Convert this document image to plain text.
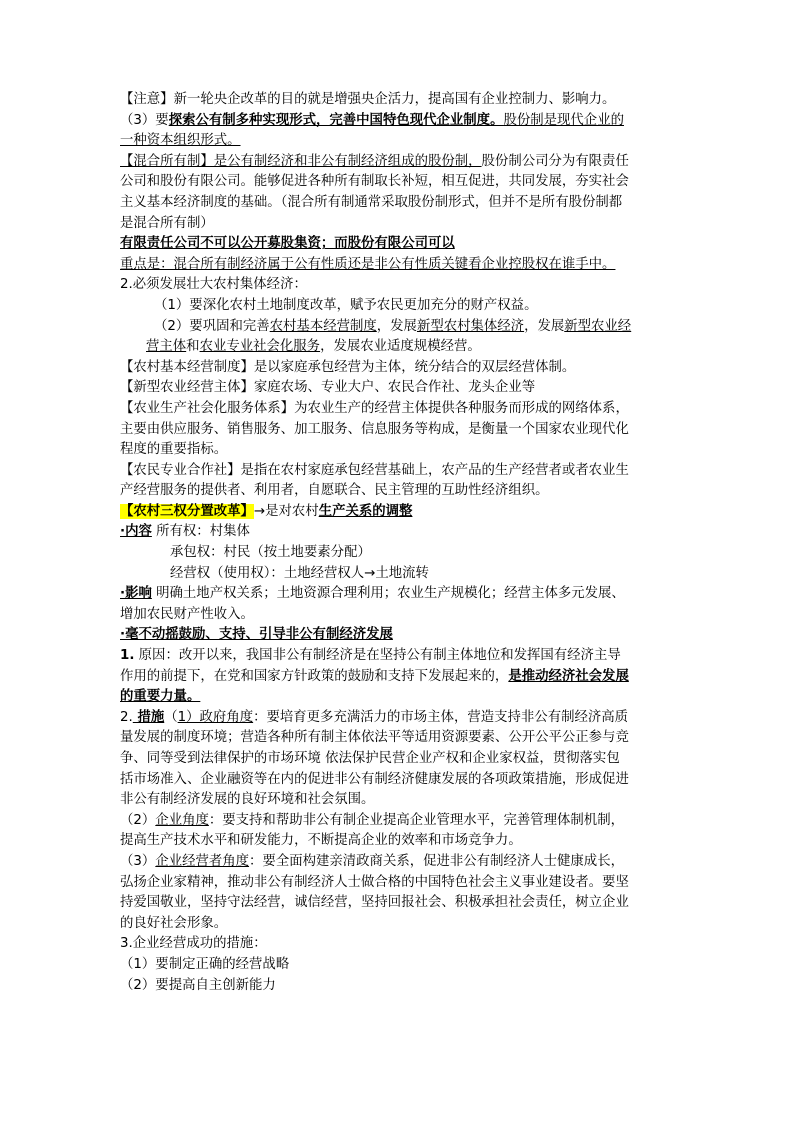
【注意】新一轮央企改革的目的就是增强央企活力，提高国有企业控制力、影响力。
（3）要探索公有制多种实现形式，完善中国特色现代企业制度。股份制是现代企业的
一种资本组织形式。
【混合所有制】是公有制经济和非公有制经济组成的股份制，股份制公司分为有限责任
公司和股份有限公司。能够促进各种所有制取长补短，相互促进，共同发展，夯实社会
主义基本经济制度的基础。（混合所有制通常采取股份制形式，但并不是所有股份制都
是混合所有制）
有限责任公司不可以公开募股集资；而股份有限公司可以
重点是：混合所有制经济属于公有性质还是非公有性质关键看企业控股权在谁手中。
2.必须发展壮大农村集体经济：
（1）要深化农村土地制度改革，赋予农民更加充分的财产权益。
（2）要巩固和完善农村基本经营制度，发展新型农村集体经济，发展新型农业经
营主体和农业专业社会化服务，发展农业适度规模经营。
【农村基本经营制度】是以家庭承包经营为主体，统分结合的双层经营体制。
【新型农业经营主体】家庭农场、专业大户、农民合作社、龙头企业等
【农业生产社会化服务体系】为农业生产的经营主体提供各种服务而形成的网络体系，
主要由供应服务、销售服务、加工服务、信息服务等构成，是衡量一个国家农业现代化
程度的重要指标。
【农民专业合作社】是指在农村家庭承包经营基础上，农产品的生产经营者或者农业生
产经营服务的提供者、利用者，自愿联合、民主管理的互助性经济组织。
【农村三权分置改革】→是对农村生产关系的调整
·内容 所有权：村集体
承包权：村民（按土地要素分配）
经营权（使用权）：土地经营权人→土地流转
·影响 明确土地产权关系；土地资源合理利用；农业生产规模化；经营主体多元发展、
增加农民财产性收入。
·毫不动摇鼓励、支持、引导非公有制经济发展
1. 原因：改开以来，我国非公有制经济是在坚持公有制主体地位和发挥国有经济主导
作用的前提下，在党和国家方针政策的鼓励和支持下发展起来的，是推动经济社会发展
的重要力量。
2. 措施（1）政府角度：要培育更多充满活力的市场主体，营造支持非公有制经济高质
量发展的制度环境；营造各种所有制主体依法平等适用资源要素、公开公平公正参与竞
争、同等受到法律保护的市场环境 依法保护民营企业产权和企业家权益，贯彻落实包
括市场准入、企业融资等在内的促进非公有制经济健康发展的各项政策措施，形成促进
非公有制经济发展的良好环境和社会氛围。
（2）企业角度：要支持和帮助非公有制企业提高企业管理水平，完善管理体制机制，
提高生产技术水平和研发能力，不断提高企业的效率和市场竞争力。
（3）企业经营者角度：要全面构建亲清政商关系，促进非公有制经济人士健康成长，
弘扬企业家精神，推动非公有制经济人士做合格的中国特色社会主义事业建设者。要坚
持爱国敬业，坚持守法经营，诚信经营，坚持回报社会、积极承担社会责任，树立企业
的良好社会形象。
3.企业经营成功的措施：
（1）要制定正确的经营战略
（2）要提高自主创新能力
